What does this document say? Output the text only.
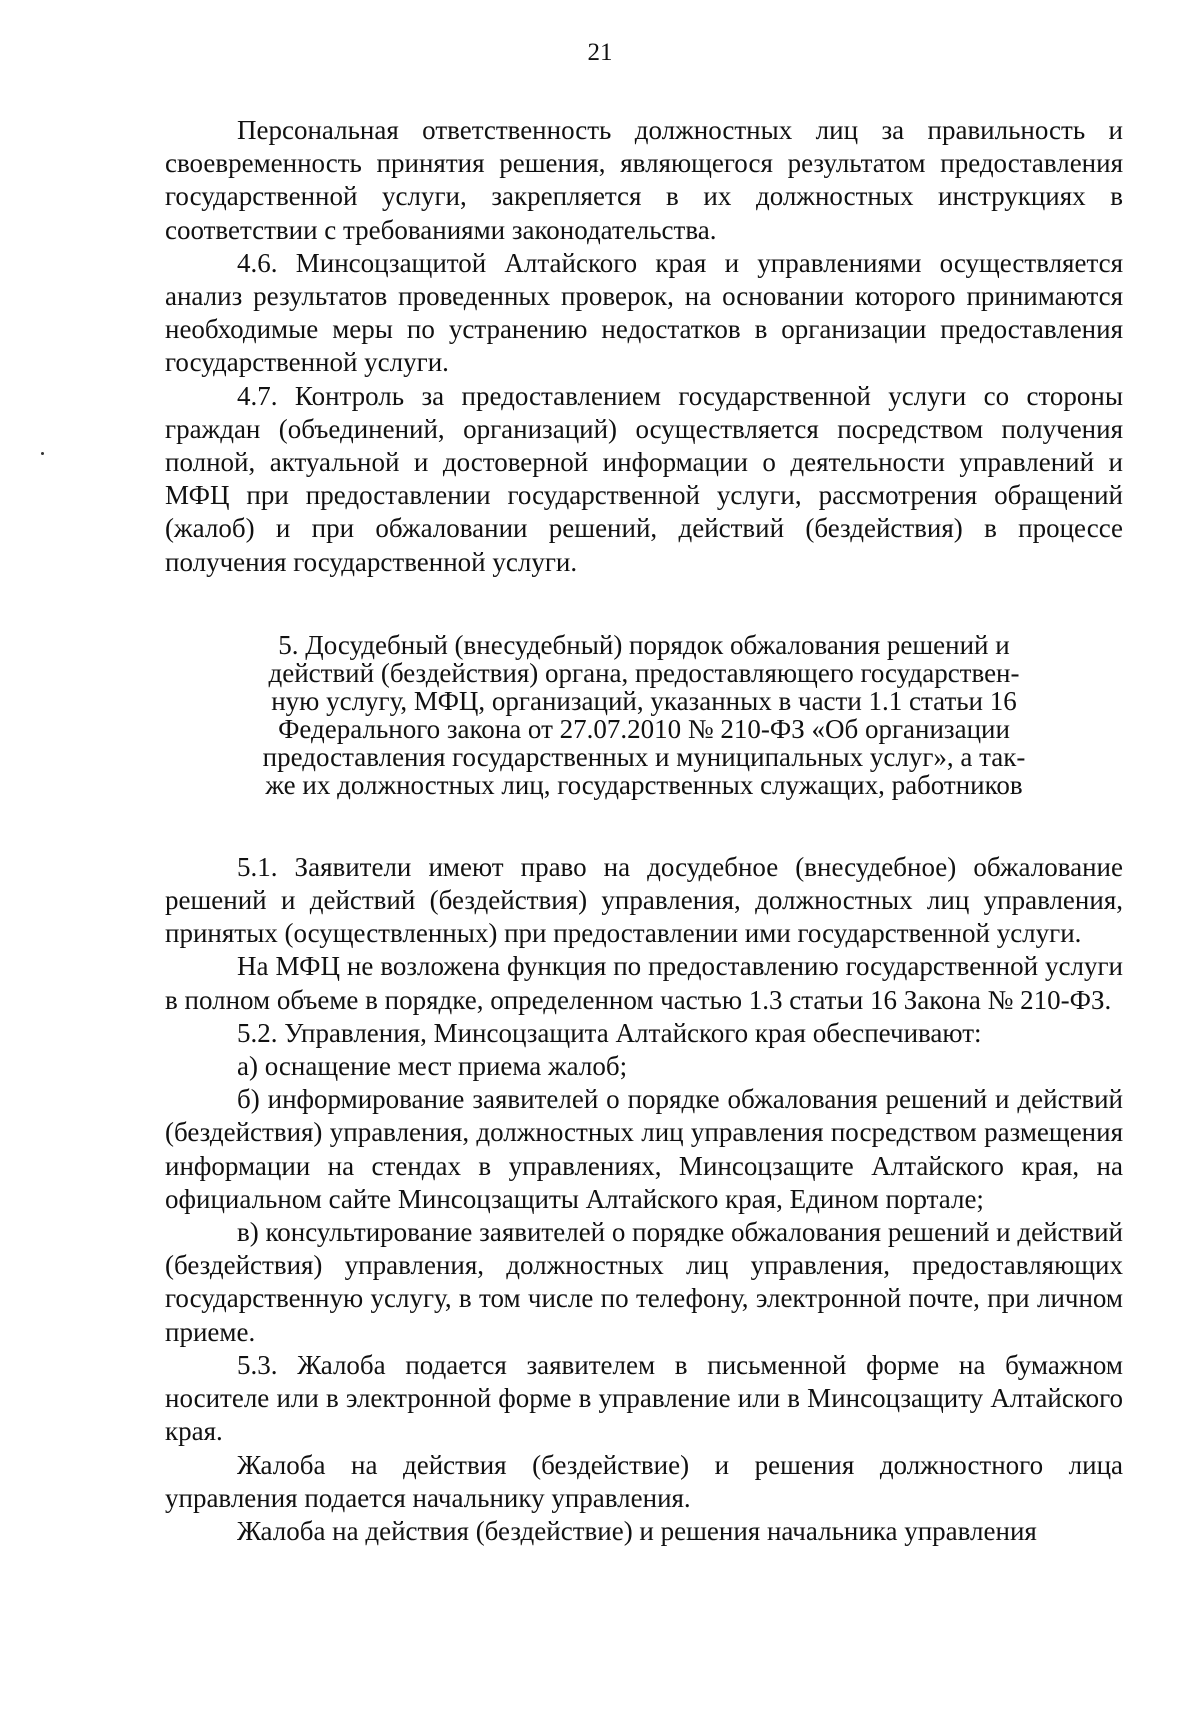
21

Персональная ответственность должностных лиц за правильность и своевременность принятия решения, являющегося результатом предоставления государственной услуги, закрепляется в их должностных инструкциях в соответствии с требованиями законодательства.

4.6. Минсоцзащитой Алтайского края и управлениями осуществляется анализ результатов проведенных проверок, на основании которого принимаются необходимые меры по устранению недостатков в организации предоставления государственной услуги.

4.7. Контроль за предоставлением государственной услуги со стороны граждан (объединений, организаций) осуществляется посредством получения полной, актуальной и достоверной информации о деятельности управлений и МФЦ при предоставлении государственной услуги, рассмотрения обращений (жалоб) и при обжаловании решений, действий (бездействия) в процессе получения государственной услуги.

5. Досудебный (внесудебный) порядок обжалования решений и
действий (бездействия) органа, предоставляющего государствен-
ную услугу, МФЦ, организаций, указанных в части 1.1 статьи 16
Федерального закона от 27.07.2010 № 210-ФЗ «Об организации
предоставления государственных и муниципальных услуг», а так-
же их должностных лиц, государственных служащих, работников

5.1. Заявители имеют право на досудебное (внесудебное) обжалование решений и действий (бездействия) управления, должностных лиц управления, принятых (осуществленных) при предоставлении ими государственной услуги.

На МФЦ не возложена функция по предоставлению государственной услуги в полном объеме в порядке, определенном частью 1.3 статьи 16 Закона № 210-ФЗ.

5.2. Управления, Минсоцзащита Алтайского края обеспечивают:

а) оснащение мест приема жалоб;

б) информирование заявителей о порядке обжалования решений и действий (бездействия) управления, должностных лиц управления посредством размещения информации на стендах в управлениях, Минсоцзащите Алтайского края, на официальном сайте Минсоцзащиты Алтайского края, Едином портале;

в) консультирование заявителей о порядке обжалования решений и действий (бездействия) управления, должностных лиц управления, предоставляющих государственную услугу, в том числе по телефону, электронной почте, при личном приеме.

5.3. Жалоба подается заявителем в письменной форме на бумажном носителе или в электронной форме в управление или в Минсоцзащиту Алтайского края.

Жалоба на действия (бездействие) и решения должностного лица управления подается начальнику управления.

Жалоба на действия (бездействие) и решения начальника управления
